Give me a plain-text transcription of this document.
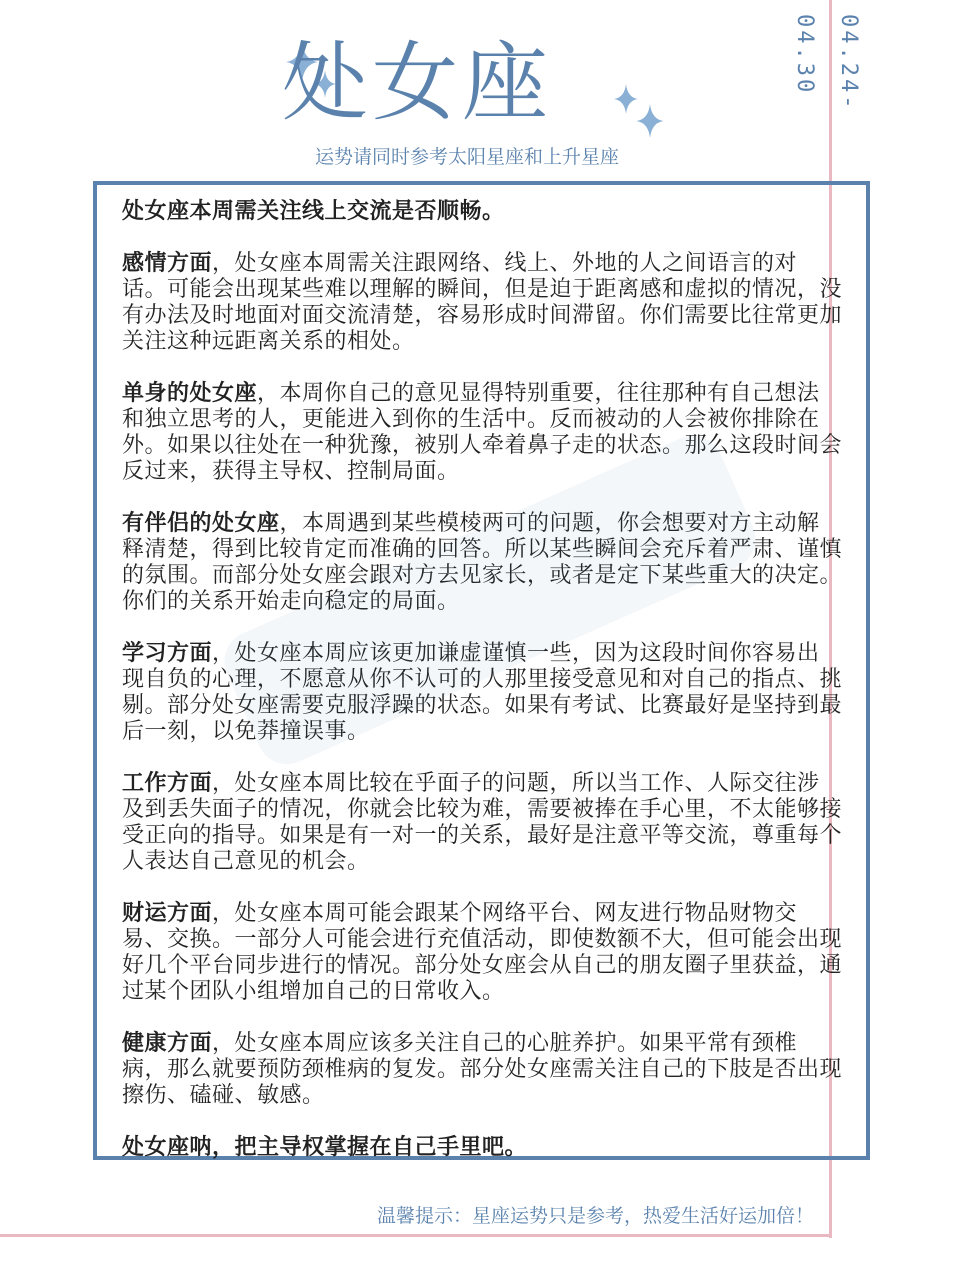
处女座
运势请同时参考太阳星座和上升星座
04.24-04.30

处女座本周需关注线上交流是否顺畅。

感情方面，处女座本周需关注跟网络、线上、外地的人之间语言的对话。可能会出现某些难以理解的瞬间，但是迫于距离感和虚拟的情况，没有办法及时地面对面交流清楚，容易形成时间滞留。你们需要比往常更加关注这种远距离关系的相处。

单身的处女座，本周你自己的意见显得特别重要，往往那种有自己想法和独立思考的人，更能进入到你的生活中。反而被动的人会被你排除在外。如果以往处在一种犹豫，被别人牵着鼻子走的状态。那么这段时间会反过来，获得主导权、控制局面。

有伴侣的处女座，本周遇到某些模棱两可的问题，你会想要对方主动解释清楚，得到比较肯定而准确的回答。所以某些瞬间会充斥着严肃、谨慎的氛围。而部分处女座会跟对方去见家长，或者是定下某些重大的决定。你们的关系开始走向稳定的局面。

学习方面，处女座本周应该更加谦虚谨慎一些，因为这段时间你容易出现自负的心理，不愿意从你不认可的人那里接受意见和对自己的指点、挑剔。部分处女座需要克服浮躁的状态。如果有考试、比赛最好是坚持到最后一刻，以免莽撞误事。

工作方面，处女座本周比较在乎面子的问题，所以当工作、人际交往涉及到丢失面子的情况，你就会比较为难，需要被捧在手心里，不太能够接受正向的指导。如果是有一对一的关系，最好是注意平等交流，尊重每个人表达自己意见的机会。

财运方面，处女座本周可能会跟某个网络平台、网友进行物品财物交易、交换。一部分人可能会进行充值活动，即使数额不大，但可能会出现好几个平台同步进行的情况。部分处女座会从自己的朋友圈子里获益，通过某个团队小组增加自己的日常收入。

健康方面，处女座本周应该多关注自己的心脏养护。如果平常有颈椎病，那么就要预防颈椎病的复发。部分处女座需关注自己的下肢是否出现擦伤、磕碰、敏感。

处女座呐，把主导权掌握在自己手里吧。

温馨提示：星座运势只是参考，热爱生活好运加倍！
